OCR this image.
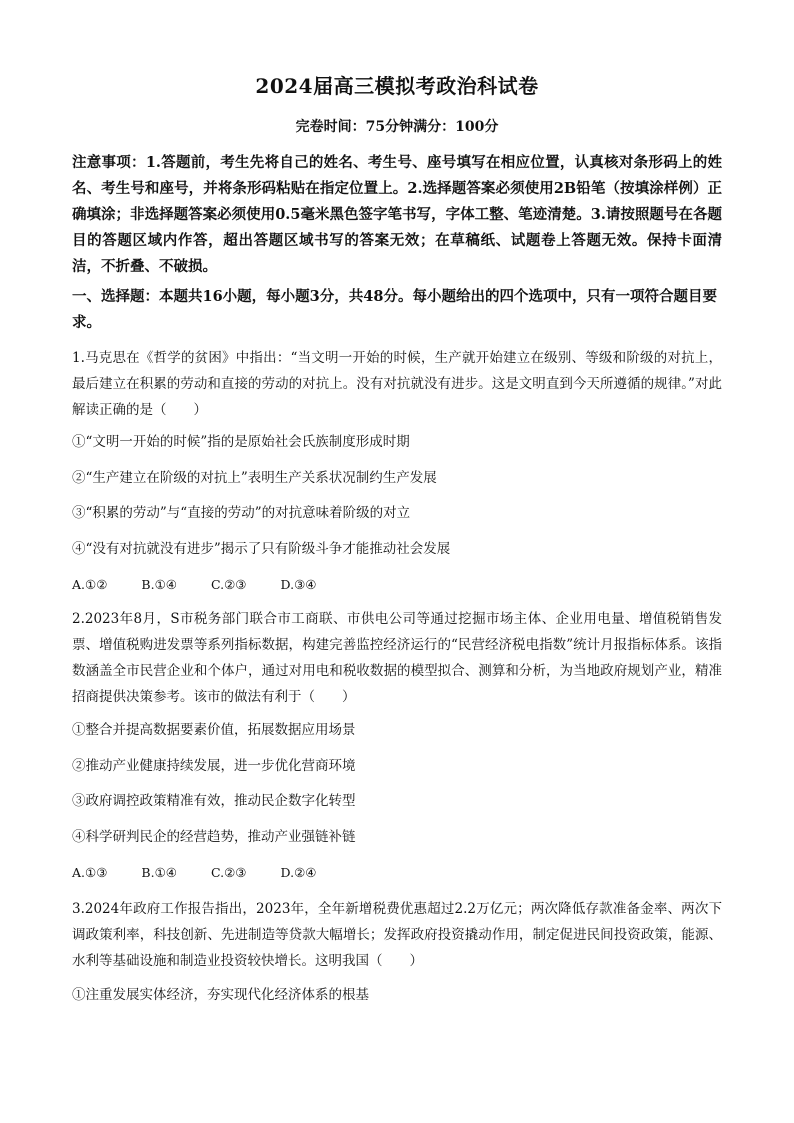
2024届高三模拟考政治科试卷
完卷时间：75分钟满分：100分
注意事项：1.答题前，考生先将自己的姓名、考生号、座号填写在相应位置，认真核对条形码上的姓名、考生号和座号，并将条形码粘贴在指定位置上。2.选择题答案必须使用2B铅笔（按填涂样例）正确填涂；非选择题答案必须使用0.5毫米黑色签字笔书写，字体工整、笔迹清楚。3.请按照题号在各题目的答题区域内作答，超出答题区域书写的答案无效；在草稿纸、试题卷上答题无效。保持卡面清洁，不折叠、不破损。
一、选择题：本题共16小题，每小题3分，共48分。每小题给出的四个选项中，只有一项符合题目要求。
1.马克思在《哲学的贫困》中指出：“当文明一开始的时候，生产就开始建立在级别、等级和阶级的对抗上，最后建立在积累的劳动和直接的劳动的对抗上。没有对抗就没有进步。这是文明直到今天所遵循的规律。”对此解读正确的是（　　）
①“文明一开始的时候”指的是原始社会氏族制度形成时期
②“生产建立在阶级的对抗上”表明生产关系状况制约生产发展
③“积累的劳动”与“直接的劳动”的对抗意味着阶级的对立
④“没有对抗就没有进步”揭示了只有阶级斗争才能推动社会发展
A.①②	B.①④	C.②③	D.③④
2.2023年8月，S市税务部门联合市工商联、市供电公司等通过挖掘市场主体、企业用电量、增值税销售发票、增值税购进发票等系列指标数据，构建完善监控经济运行的“民营经济税电指数”统计月报指标体系。该指数涵盖全市民营企业和个体户，通过对用电和税收数据的模型拟合、测算和分析，为当地政府规划产业，精准招商提供决策参考。该市的做法有利于（　　）
①整合并提高数据要素价值，拓展数据应用场景
②推动产业健康持续发展，进一步优化营商环境
③政府调控政策精准有效，推动民企数字化转型
④科学研判民企的经营趋势，推动产业强链补链
A.①③	B.①④	C.②③	D.②④
3.2024年政府工作报告指出，2023年，全年新增税费优惠超过2.2万亿元；两次降低存款准备金率、两次下调政策利率，科技创新、先进制造等贷款大幅增长；发挥政府投资撬动作用，制定促进民间投资政策，能源、水利等基础设施和制造业投资较快增长。这明我国（　　）
①注重发展实体经济，夯实现代化经济体系的根基
